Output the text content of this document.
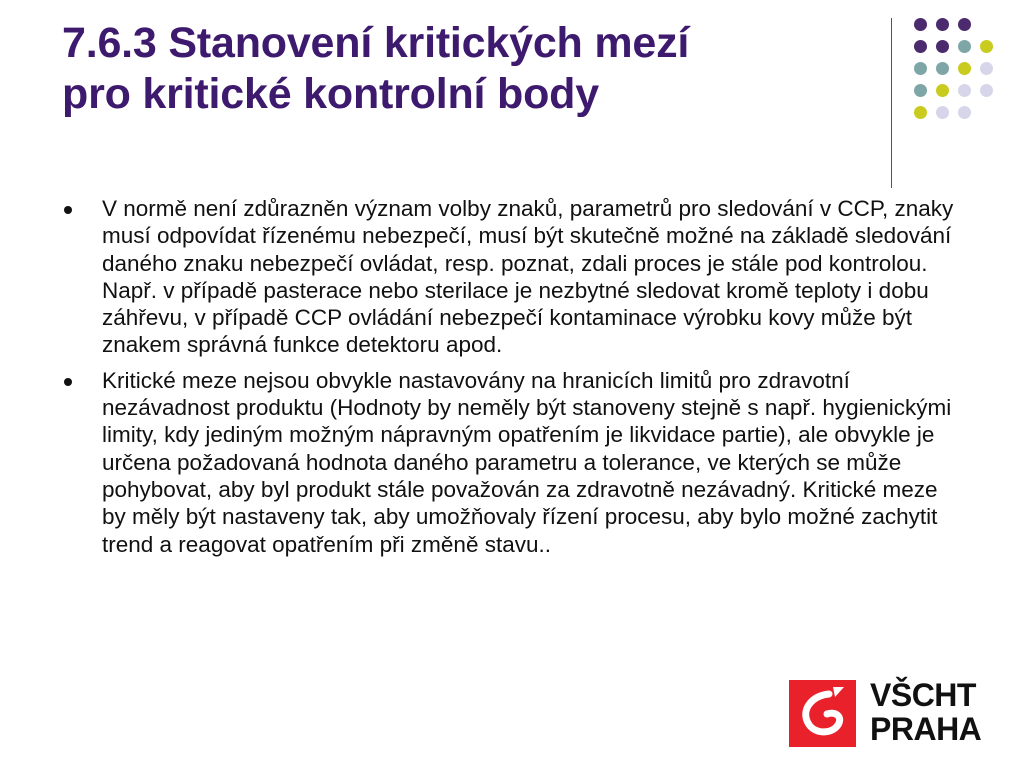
7.6.3 Stanovení kritických mezí
pro kritické kontrolní body
V normě není zdůrazněn význam volby znaků, parametrů pro sledování v CCP, znaky musí odpovídat řízenému nebezpečí, musí být skutečně možné na základě sledování daného znaku nebezpečí ovládat, resp. poznat, zdali proces je stále pod kontrolou. Např. v případě pasterace nebo sterilace je nezbytné sledovat kromě teploty i dobu záhřevu, v případě CCP ovládání nebezpečí kontaminace výrobku kovy může být znakem správná funkce detektoru apod.
Kritické meze nejsou obvykle nastavovány na hranicích limitů pro zdravotní nezávadnost produktu (Hodnoty by neměly být stanoveny stejně s např. hygienickými limity, kdy jediným možným nápravným opatřením je likvidace partie), ale obvykle je určena požadovaná hodnota daného parametru a tolerance, ve kterých se může pohybovat, aby byl produkt stále považován za zdravotně nezávadný. Kritické meze by měly být nastaveny tak, aby umožňovaly řízení procesu, aby bylo možné zachytit trend a reagovat opatřením při změně stavu..
VŠCHT
PRAHA
